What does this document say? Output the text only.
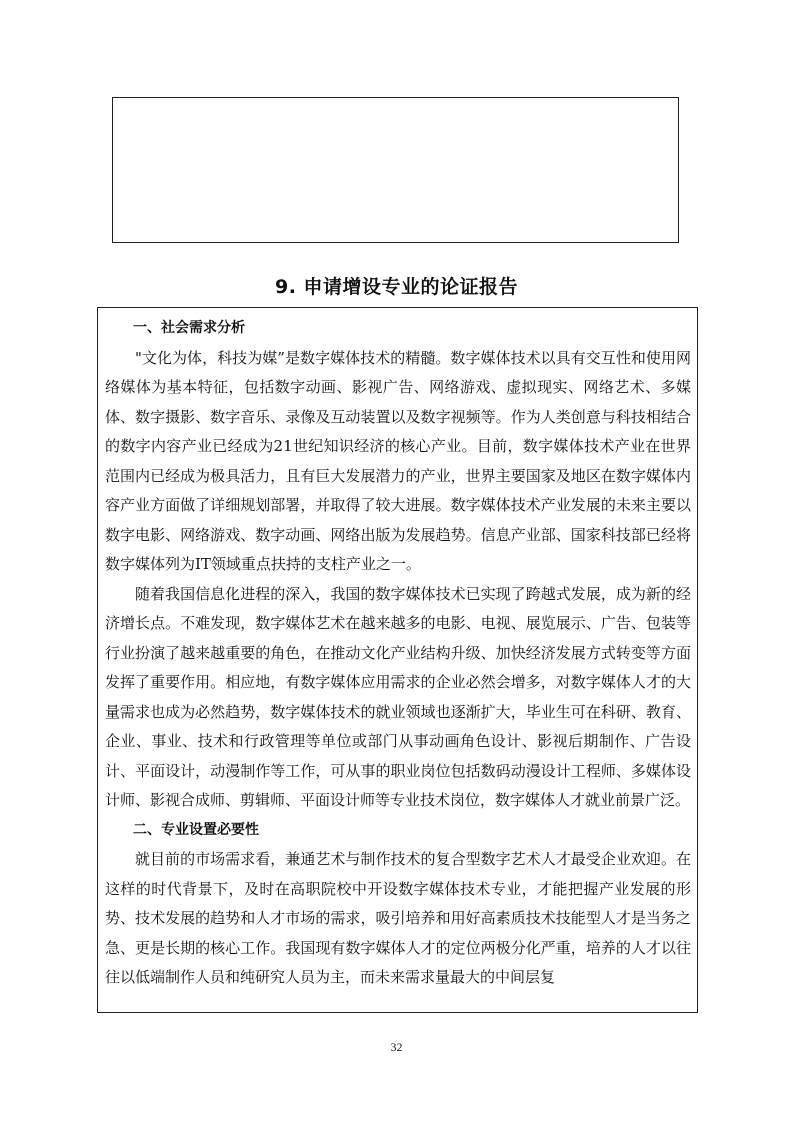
9. 申请增设专业的论证报告
一、社会需求分析

"文化为体，科技为媒”是数字媒体技术的精髓。数字媒体技术以具有交互性和使用网络媒体为基本特征，包括数字动画、影视广告、网络游戏、虚拟现实、网络艺术、多媒体、数字摄影、数字音乐、录像及互动装置以及数字视频等。作为人类创意与科技相结合的数字内容产业已经成为21世纪知识经济的核心产业。目前，数字媒体技术产业在世界范围内已经成为极具活力，且有巨大发展潜力的产业，世界主要国家及地区在数字媒体内容产业方面做了详细规划部署，并取得了较大进展。数字媒体技术产业发展的未来主要以数字电影、网络游戏、数字动画、网络出版为发展趋势。信息产业部、国家科技部已经将数字媒体列为IT领域重点扶持的支柱产业之一。

随着我国信息化进程的深入，我国的数字媒体技术已实现了跨越式发展，成为新的经济增长点。不难发现，数字媒体艺术在越来越多的电影、电视、展览展示、广告、包装等行业扮演了越来越重要的角色，在推动文化产业结构升级、加快经济发展方式转变等方面发挥了重要作用。相应地，有数字媒体应用需求的企业必然会增多，对数字媒体人才的大量需求也成为必然趋势，数字媒体技术的就业领域也逐渐扩大，毕业生可在科研、教育、企业、事业、技术和行政管理等单位或部门从事动画角色设计、影视后期制作、广告设计、平面设计，动漫制作等工作，可从事的职业岗位包括数码动漫设计工程师、多媒体设计师、影视合成师、剪辑师、平面设计师等专业技术岗位，数字媒体人才就业前景广泛。

二、专业设置必要性

就目前的市场需求看，兼通艺术与制作技术的复合型数字艺术人才最受企业欢迎。在这样的时代背景下，及时在高职院校中开设数字媒体技术专业，才能把握产业发展的形势、技术发展的趋势和人才市场的需求，吸引培养和用好高素质技术技能型人才是当务之急、更是长期的核心工作。我国现有数字媒体人才的定位两极分化严重，培养的人才以往往以低端制作人员和纯研究人员为主，而未来需求量最大的中间层复

32
